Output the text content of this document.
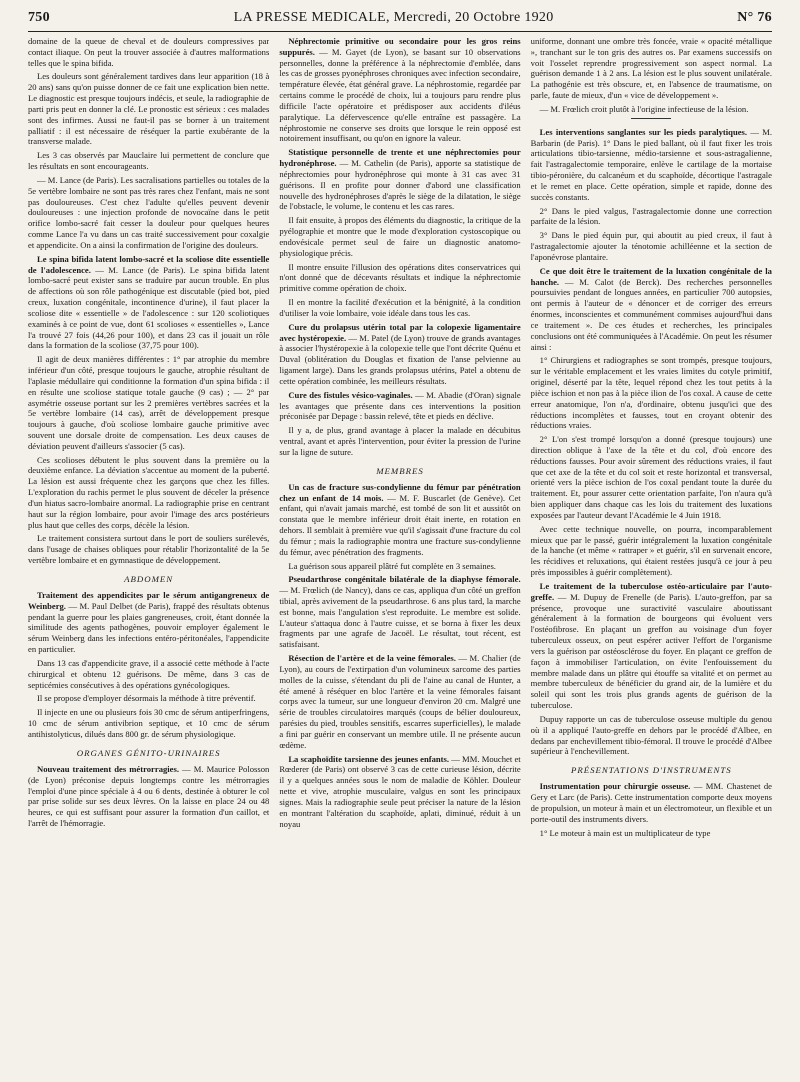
750	LA PRESSE MEDICALE, Mercredi, 20 Octobre 1920	N° 76

domaine de la queue de cheval et de douleurs compressives par contact iliaque. On peut la trouver associée à d'autres malformations telles que le spina bifida.

Les douleurs sont généralement tardives dans leur apparition (18 à 20 ans) sans qu'on puisse donner de ce fait une explication bien nette. Le diagnostic est presque toujours indécis, et seule, la radiographie de parti pris peut en donner la clé. Le pronostic est sérieux : ces malades sont des infirmes. Aussi ne faut-il pas se borner à un traitement palliatif : il est nécessaire de réséquer la partie exubérante de la transverse malade.

Les 3 cas observés par Mauclaire lui permettent de conclure que les résultats en sont encourageants.

— M. Lance (de Paris). Les sacralisations partielles ou totales de la 5e vertèbre lombaire ne sont pas très rares chez l'enfant, mais ne sont pas douloureuses. C'est chez l'adulte qu'elles peuvent devenir douloureuses : une injection profonde de novocaïne dans le petit orifice lombo-sacré fait cesser la douleur pour quelques heures comme Lance l'a vu dans un cas traité successivement pour coxalgie et appendicite. On a ainsi la confirmation de l'origine des douleurs.

Le spina bifida latent lombo-sacré et la scoliose dite essentielle de l'adolescence. — M. Lance (de Paris). Le spina bifida latent lombo-sacré peut exister sans se traduire par aucun trouble. En plus de affections où son rôle pathogénique est discutable (pied bot, pied creux, luxation congénitale, incontinence d'urine), il faut placer la scoliose dite « essentielle » de l'adolescence : sur 120 scoliotiques examinés à ce point de vue, dont 61 scolioses « essentielles », Lance l'a trouvé 27 fois (44,26 pour 100), et dans 23 cas il jouait un rôle dans la formation de la scoliose (37,75 pour 100).

Il agit de deux manières différentes : 1° par atrophie du membre inférieur d'un côté, presque toujours le gauche, atrophie résultant de l'aplasie médullaire qui conditionne la formation d'un spina bifida : il en résulte une scoliose statique totale gauche (9 cas) ; — 2° par asymétrie osseuse portant sur les 2 premières vertèbres sacrées et la 5e vertèbre lombaire (14 cas), arrêt de développement presque toujours à gauche, d'où scoliose lombaire gauche primitive avec souvent une dorsale droite de compensation. Les deux causes de déviation peuvent d'ailleurs s'associer (5 cas).

Ces scolioses débutent le plus souvent dans la première ou la deuxième enfance. La déviation s'accentue au moment de la puberté. La lésion est aussi fréquente chez les garçons que chez les filles. L'exploration du rachis permet le plus souvent de déceler la présence d'un hiatus sacro-lombaire anormal. La radiographie prise en centrant haut sur la région lombaire, pour avoir l'image des arcs postérieurs plus haut que celles des corps, décèle la lésion.

Le traitement consistera surtout dans le port de souliers surélevés, dans l'usage de chaises obliques pour rétablir l'horizontalité de la 5e vertèbre lombaire et en gymnastique de développement.

ABDOMEN

Traitement des appendicites par le sérum antigangreneux de Weinberg. — M. Paul Delbet (de Paris), frappé des résultats obtenus pendant la guerre pour les plaies gangreneuses, croit, étant donnée la similitude des agents pathogènes, pouvoir employer également le sérum Weinberg dans les infections entéro-péritonéales, l'appendicite en particulier.

Dans 13 cas d'appendicite grave, il a associé cette méthode à l'acte chirurgical et obtenu 12 guérisons. De même, dans 3 cas de septicémies consécutives à des opérations gynécologiques.

Il se propose d'employer désormais la méthode à titre préventif.

Il injecte en une ou plusieurs fois 30 cmc de sérum antiperfringens, 10 cmc de sérum antivibrion septique, et 10 cmc de sérum antihistolyticus, dilués dans 800 gr. de sérum physiologique.

ORGANES GÉNITO-URINAIRES

Nouveau traitement des métrorragies. — M. Maurice Polosson (de Lyon) préconise depuis longtemps contre les métrorragies l'emploi d'une pince spéciale à 4 ou 6 dents, destinée à obturer le col par prise solide sur ses deux lèvres. On la laisse en place 24 ou 48 heures, ce qui est suffisant pour assurer la formation d'un caillot, et l'arrêt de l'hémorragie.

Néphrectomie primitive ou secondaire pour les gros reins suppurés. — M. Gayet (de Lyon), se basant sur 10 observations personnelles, donne la préférence à la néphrectomie d'emblée, dans les cas de grosses pyonéphroses chroniques avec infection secondaire, température élevée, état général grave. La néphrostomie, regardée par certains comme le procédé de choix, lui a toujours paru rendre plus difficile l'acte opératoire et prédisposer aux accidents d'iléus paralytique. La défervescence qu'elle entraîne est passagère. La néphrostomie ne conserve ses droits que lorsque le rein opposé est notoirement insuffisant, ou qu'on en ignore la valeur.

Statistique personnelle de trente et une néphrectomies pour hydronéphrose. — M. Cathelin (de Paris), apporte sa statistique de néphrectomies pour hydronéphrose qui monte à 31 cas avec 31 guérisons. Il en profite pour donner d'abord une classification nouvelle des hydronéphroses d'après le siège de la dilatation, le siège de l'obstacle, le volume, le contenu et les cas rares.

Il fait ensuite, à propos des éléments du diagnostic, la critique de la pyélographie et montre que le mode d'exploration cystoscopique ou endovésicale permet seul de faire un diagnostic anatomo-physiologique précis.

Il montre ensuite l'illusion des opérations dites conservatrices qui n'ont donné que de décevants résultats et indique la néphrectomie primitive comme opération de choix.

Il en montre la facilité d'exécution et la bénignité, à la condition d'utiliser la voie lombaire, voie idéale dans tous les cas.

Cure du prolapsus utérin total par la colopexie ligamentaire avec hystéropexie. — M. Patel (de Lyon) trouve de grands avantages à associer l'hystéropexie à la colopexie telle que l'ont décrite Quénu et Duval (oblitération du Douglas et fixation de l'anse pelvienne au ligament large). Dans les grands prolapsus utérins, Patel a obtenu de cette opération combinée, les meilleurs résultats.

Cure des fistules vésico-vaginales. — M. Abadie (d'Oran) signale les avantages que présente dans ces interventions la position préconisée par Depage : bassin relevé, tête et pieds en déclive.

Il y a, de plus, grand avantage à placer la malade en décubitus ventral, avant et après l'intervention, pour éviter la pression de l'urine sur la ligne de suture.

MEMBRES

Un cas de fracture sus-condylienne du fémur par pénétration chez un enfant de 14 mois. — M. F. Buscarlet (de Genève). Cet enfant, qui n'avait jamais marché, est tombé de son lit et aussitôt on constata que le membre inférieur droit était inerte, en rotation en dehors. Il semblait à première vue qu'il s'agissait d'une fracture du col du fémur ; mais la radiographie montra une fracture sus-condylienne du fémur, avec pénétration des fragments.

La guérison sous appareil plâtré fut complète en 3 semaines.

Pseudarthrose congénitale bilatérale de la diaphyse fémorale. — M. Frœlich (de Nancy), dans ce cas, appliqua d'un côté un greffon tibial, après avivement de la pseudarthrose. 6 ans plus tard, la marche est bonne, mais l'angulation s'est reproduite. Le membre est solide. L'auteur s'attaqua donc à l'autre cuisse, et se borna à fixer les deux fragments par une agrafe de Jacoël. Le résultat, tout récent, est satisfaisant.

Résection de l'artère et de la veine fémorales. — M. Chalier (de Lyon), au cours de l'extirpation d'un volumineux sarcome des parties molles de la cuisse, s'étendant du pli de l'aine au canal de Hunter, a été amené à réséquer en bloc l'artère et la veine fémorales faisant corps avec la tumeur, sur une longueur d'environ 20 cm. Malgré une série de troubles circulatoires marqués (coups de bélier douloureux, parésies du pied, troubles sensitifs, escarres superficielles), le malade a fini par guérir en conservant un membre utile. Il ne présente aucun œdème.

La scaphoïdite tarsienne des jeunes enfants. — MM. Mouchet et Rœderer (de Paris) ont observé 3 cas de cette curieuse lésion, décrite il y a quelques années sous le nom de maladie de Köhler. Douleur nette et vive, atrophie musculaire, valgus en sont les principaux signes. Mais la radiographie seule peut préciser la nature de la lésion en montrant l'altération du scaphoïde, aplati, diminué, réduit à un noyau

uniforme, donnant une ombre très foncée, vraie « opacité métallique », tranchant sur le ton gris des autres os. Par examens successifs on voit l'osselet reprendre progressivement son aspect normal. La guérison demande 1 à 2 ans. La lésion est le plus souvent unilatérale. La pathogénie est très obscure, et, en l'absence de traumatisme, on parle, faute de mieux, d'un « vice de développement ».

— M. Frœlich croit plutôt à l'origine infectieuse de la lésion.

Les interventions sanglantes sur les pieds paralytiques. — M. Barbarin (de Paris). 1° Dans le pied ballant, où il faut fixer les trois articulations tibio-tarsienne, médio-tarsienne et sous-astragalienne, fait l'astragalectomie temporaire, enlève le cartilage de la mortaise tibio-péronière, du calcanéum et du scaphoïde, décortique l'astragale et le remet en place. Cette opération, simple et rapide, donne des succès constants.

2° Dans le pied valgus, l'astragalectomie donne une correction parfaite de la lésion.

3° Dans le pied équin pur, qui aboutit au pied creux, il faut à l'astragalectomie ajouter la ténotomie achilléenne et la section de l'aponévrose plantaire.

Ce que doit être le traitement de la luxation congénitale de la hanche. — M. Calot (de Berck). Des recherches personnelles poursuivies pendant de longues années, en particulier 700 autopsies, ont permis à l'auteur de « dénoncer et de corriger des erreurs énormes, inconscientes et communément commises aujourd'hui dans ce traitement ». De ces études et recherches, les principales conclusions ont été communiquées à l'Académie. On peut les résumer ainsi :

1° Chirurgiens et radiographes se sont trompés, presque toujours, sur le véritable emplacement et les vraies limites du cotyle primitif, originel, déserté par la tête, lequel répond chez les tout petits à la pièce ischion et non pas à la pièce ilion de l'os coxal. A cause de cette erreur anatomique, l'on n'a, d'ordinaire, obtenu jusqu'ici que des réductions incomplètes et fausses, tout en croyant obtenir des réductions vraies.

2° L'on s'est trompé lorsqu'on a donné (presque toujours) une direction oblique à l'axe de la tête et du col, d'où encore des réductions fausses. Pour avoir sûrement des réductions vraies, il faut que cet axe de la tête et du col soit et reste horizontal et transversal, orienté vers la pièce ischion de l'os coxal pendant toute la durée du traitement. Et, pour assurer cette orientation parfaite, l'on n'aura qu'à bien appliquer dans chaque cas les lois du traitement des luxations exposées par l'auteur devant l'Académie le 4 Juin 1918.

Avec cette technique nouvelle, on pourra, incomparablement mieux que par le passé, guérir intégralement la luxation congénitale de la hanche (et même « rattraper » et guérir, s'il en survenait encore, les récidives et reluxations, qui étaient restées jusqu'à ce jour à peu près impossibles à guérir complètement).

Le traitement de la tuberculose ostéo-articulaire par l'auto-greffe. — M. Dupuy de Frenelle (de Paris). L'auto-greffon, par sa présence, provoque une suractivité vasculaire aboutissant généralement à la formation de bourgeons qui évoluent vers l'ostéofibrose. En plaçant un greffon au voisinage d'un foyer tuberculeux osseux, on peut espérer activer l'effort de l'organisme vers la guérison par ostéosclérose du foyer. En plaçant ce greffon de façon à immobiliser l'articulation, on évite l'enfouissement du membre malade dans un plâtre qui étouffe sa vitalité et on permet au membre tuberculeux de bénéficier du grand air, de la lumière et du soleil qui sont les trois plus grands agents de guérison de la tuberculose.

Dupuy rapporte un cas de tuberculose osseuse multiple du genou où il a appliqué l'auto-greffe en dehors par le procédé d'Albee, en dedans par enchevillement tibio-fémoral. Il trouve le procédé d'Albee supérieur à l'enchevillement.

PRÉSENTATIONS D'INSTRUMENTS

Instrumentation pour chirurgie osseuse. — MM. Chastenet de Gery et Larc (de Paris). Cette instrumentation comporte deux moyens de propulsion, un moteur à main et un électromoteur, un flexible et un porte-outil des instruments divers.

1° Le moteur à main est un multiplicateur de type
